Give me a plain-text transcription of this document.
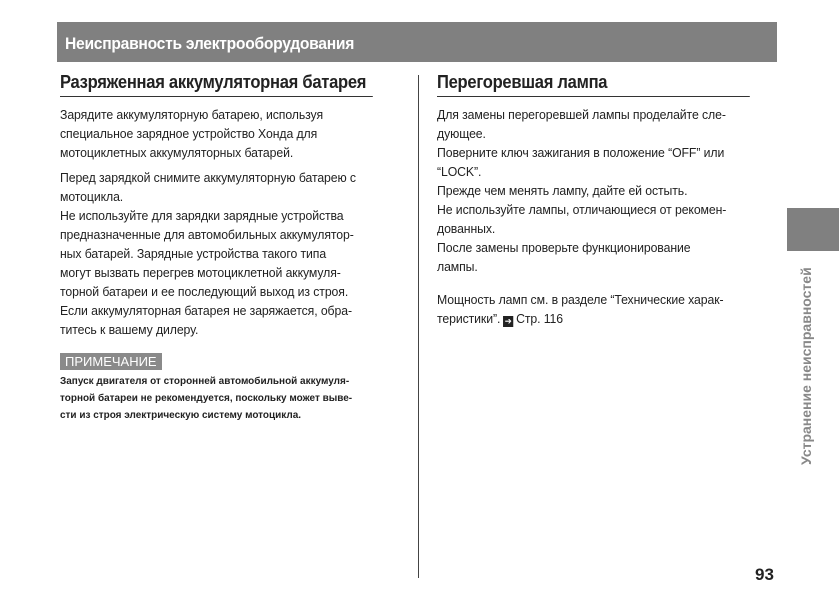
Неисправность электрооборудования
Разряженная аккумуляторная батарея
Зарядите аккумуляторную батарею, используя
специальное зарядное устройство Хонда для
мотоциклетных аккумуляторных батарей.
Перед зарядкой снимите аккумуляторную батарею с
мотоцикла.
Не используйте для зарядки зарядные устройства
предназначенные для автомобильных аккумулятор-
ных батарей. Зарядные устройства такого типа
могут вызвать перегрев мотоциклетной аккумуля-
торной батареи и ее последующий выход из строя.
Если аккумуляторная батарея не заряжается, обра-
титесь к вашему дилеру.
ПРИМЕЧАНИЕ
Запуск двигателя от сторонней автомобильной аккумуля-
торной батареи не рекомендуется, поскольку может выве-
сти из строя электрическую систему мотоцикла.
Перегоревшая лампа
Для замены перегоревшей лампы проделайте сле-
дующее.
Поверните ключ зажигания в положение “OFF” или
“LOCK”.
Прежде чем менять лампу, дайте ей остыть.
Не используйте лампы, отличающиеся от рекомен-
дованных.
После замены проверьте функционирование
лампы.
Мощность ламп см. в разделе “Технические харак-
теристики”. ➔ Стр. 116	Устранение неисправностей
93
